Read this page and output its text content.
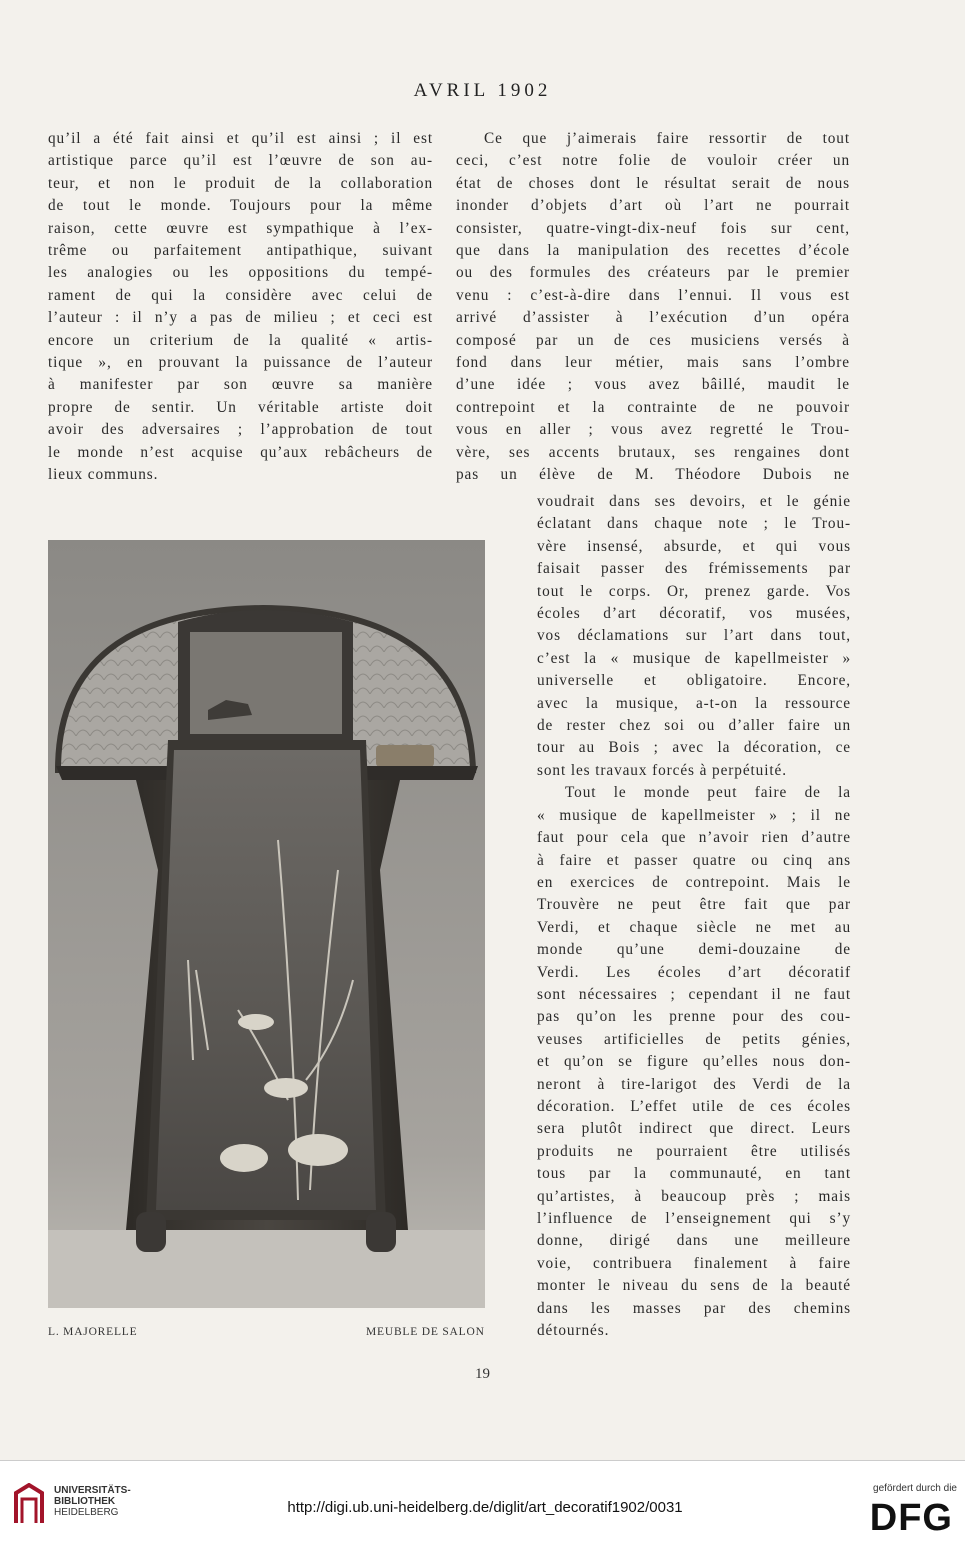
AVRIL 1902

qu’il a été fait ainsi et qu’il est ainsi ; il est

artistique parce qu’il est l’œuvre de son au-

teur, et non le produit de la collaboration

de tout le monde. Toujours pour la même

raison, cette œuvre est sympathique à l’ex-

trême ou parfaitement antipathique, suivant

les analogies ou les oppositions du tempé-

rament de qui la considère avec celui de

l’auteur : il n’y a pas de milieu ; et ceci est

encore un criterium de la qualité « artis-

tique », en prouvant la puissance de l’auteur

à manifester par son œuvre sa manière

propre de sentir. Un véritable artiste doit

avoir des adversaires ; l’approbation de tout

le monde n’est acquise qu’aux rebâcheurs de

lieux communs.

Ce que j’aimerais faire ressortir de tout

ceci, c’est notre folie de vouloir créer un

état de choses dont le résultat serait de nous

inonder d’objets d’art où l’art ne pourrait

consister, quatre-vingt-dix-neuf fois sur cent,

que dans la manipulation des recettes d’école

ou des formules des créateurs par le premier

venu : c’est-à-dire dans l’ennui. Il vous est

arrivé d’assister à l’exécution d’un opéra

composé par un de ces musiciens versés à

fond dans leur métier, mais sans l’ombre

d’une idée ; vous avez bâillé, maudit le

contrepoint et la contrainte de ne pouvoir

vous en aller ; vous avez regretté le Trou-

vère, ses accents brutaux, ses rengaines dont

pas un élève de M. Théodore Dubois ne

voudrait dans ses devoirs, et le génie

éclatant dans chaque note ; le Trou-

vère insensé, absurde, et qui vous

faisait passer des frémissements par

tout le corps. Or, prenez garde. Vos

écoles d’art décoratif, vos musées,

vos déclamations sur l’art dans tout,

c’est la « musique de kapellmeister »

universelle et obligatoire. Encore,

avec la musique, a-t-on la ressource

de rester chez soi ou d’aller faire un

tour au Bois ; avec la décoration, ce

sont les travaux forcés à perpétuité.

Tout le monde peut faire de la

« musique de kapellmeister » ; il ne

faut pour cela que n’avoir rien d’autre

à faire et passer quatre ou cinq ans

en exercices de contrepoint. Mais le

Trouvère ne peut être fait que par

Verdi, et chaque siècle ne met au

monde qu’une demi-douzaine de

Verdi. Les écoles d’art décoratif

sont nécessaires ; cependant il ne faut

pas qu’on les prenne pour des cou-

veuses artificielles de petits génies,

et qu’on se figure qu’elles nous don-

neront à tire-larigot des Verdi de la

décoration. L’effet utile de ces écoles

sera plutôt indirect que direct. Leurs

produits ne pourraient être utilisés

tous par la communauté, en tant

qu’artistes, à beaucoup près ; mais

l’influence de l’enseignement qui s’y

donne, dirigé dans une meilleure

voie, contribuera finalement à faire

monter le niveau du sens de la beauté

dans les masses par des chemins

détournés.

L. MAJORELLE	MEUBLE DE SALON
19
UNIVERSITÄTS-
BIBLIOTHEK
HEIDELBERG	http://digi.ub.uni-heidelberg.de/diglit/art_decoratif1902/0031
gefördert durch die
DFG
